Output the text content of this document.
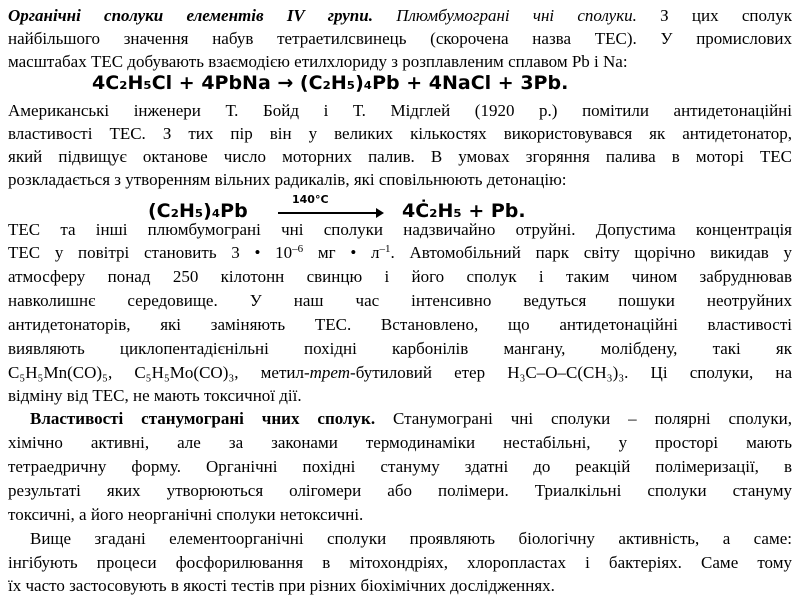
Органічні сполуки елементів IV групи. Плюмбумограні чні сполуки. З цих сполук
найбільшого значення набув тетраетилсвинець (скорочена назва ТЕС). У промислових
масштабах ТЕС добувають взаємодією етилхлориду з розплавленим сплавом Pb і Na:
4C₂H₅Cl + 4PbNa → (C₂H₅)₄Pb + 4NaCl + 3Pb.
Американські інженери Т. Бойд і Т. Мідглей (1920 р.) помітили антидетонаційні
властивості ТЕС. З тих пір він у великих кількостях використовувався як антидетонатор,
який підвищує октанове число моторних палив. В умовах згоряння палива в моторі ТЕС
розкладається з утворенням вільних радикалів, які сповільнюють детонацію:
(C₂H₅)₄Pb
140°C
4Ċ₂H₅ + Pb.
ТЕС та інші плюмбумограні чні сполуки надзвичайно отруйні. Допустима концентрація
ТЕС у повітрі становить 3 • $10^{-6}$ мг • $л^{-1}$. Автомобільний парк світу щорічно викидав у
атмосферу понад 250 кілотонн свинцю і його сполук і таким чином забруднював
навколишнє середовище. У наш час інтенсивно ведуться пошуки неотруйних
антидетонаторів, які заміняють ТЕС. Встановлено, що антидетонаційні властивості
виявляють циклопентадієнільні похідні карбонілів мангану, молібдену, такі як
C₅H₅Mn(CO)₅, C₅H₅Mo(CO)₃, метил-трет-бутиловий етер H₃C–O–C(CH₃)₃. Ці сполуки, на
відміну від ТЕС, не мають токсичної дії.
Властивості станумограні чних сполук. Станумограні чні сполуки – полярні сполуки,
хімічно активні, але за законами термодинаміки нестабільні, у просторі мають
тетраедричну форму. Органічні похідні стануму здатні до реакцій полімеризації, в
результаті яких утворюються олігомери або полімери. Триалкільні сполуки стануму
токсичні, а його неорганічні сполуки нетоксичні.
Вище згадані елементоорганічні сполуки проявляють біологічну активність, а саме:
інгібують процеси фосфорилювання в мітохондріях, хлоропластах і бактеріях. Саме тому
їх часто застосовують в якості тестів при різних біохімічних дослідженнях.
